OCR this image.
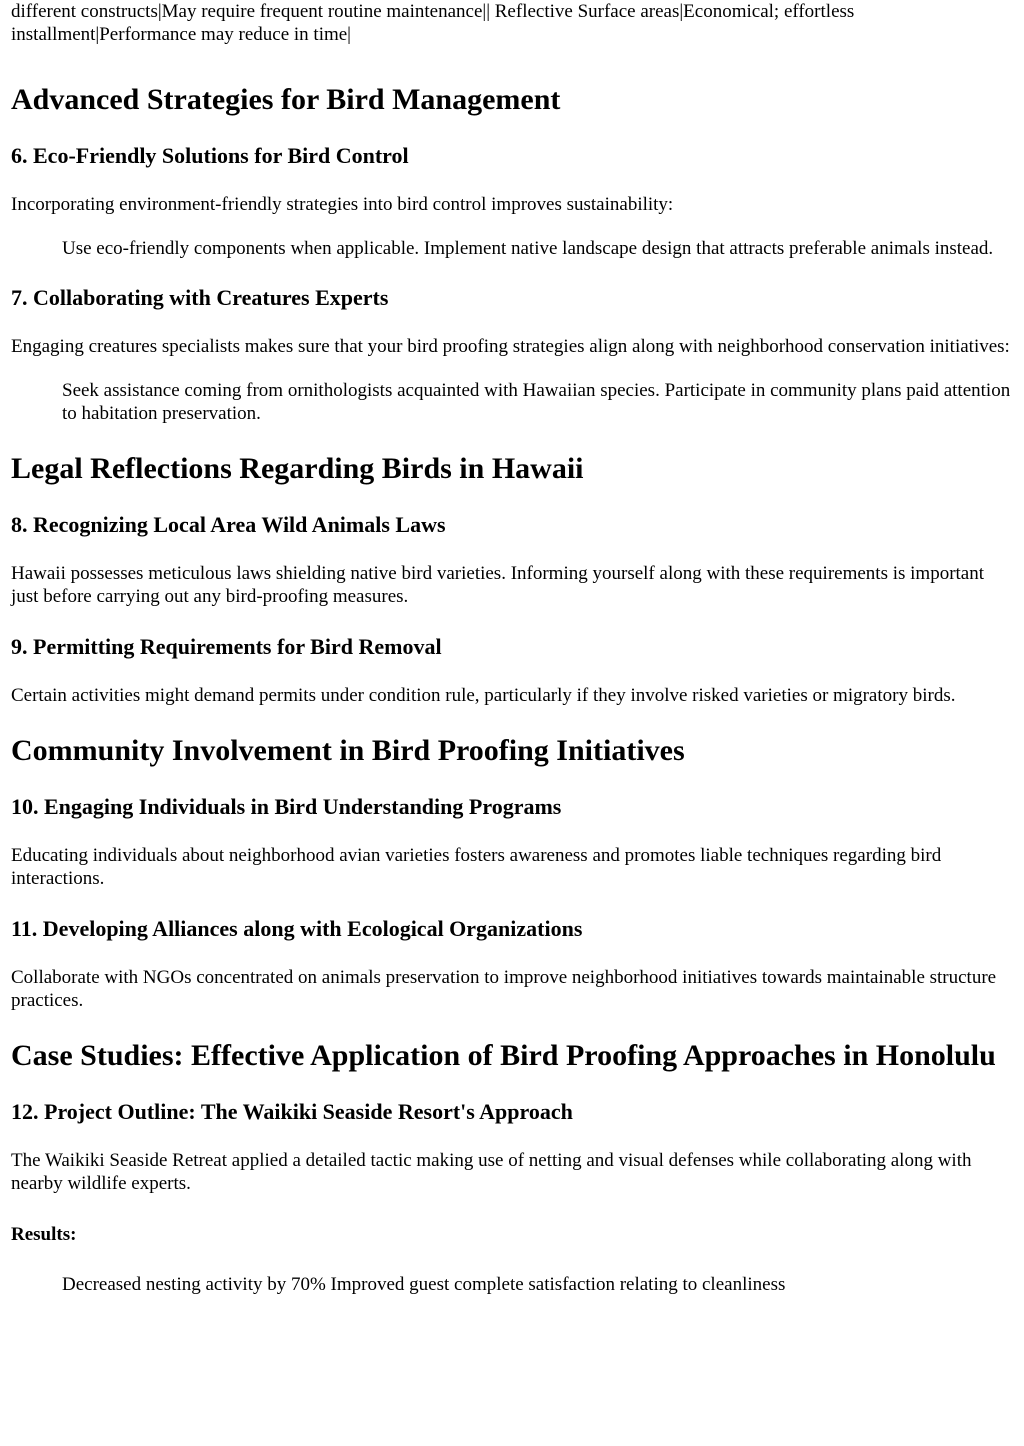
different constructs|May require frequent routine maintenance|| Reflective Surface areas|Economical; effortless installment|Performance may reduce in time|

Advanced Strategies for Bird Management
6. Eco-Friendly Solutions for Bird Control

Incorporating environment-friendly strategies into bird control improves sustainability:

Use eco-friendly components when applicable. Implement native landscape design that attracts preferable animals instead.
7. Collaborating with Creatures Experts

Engaging creatures specialists makes sure that your bird proofing strategies align along with neighborhood conservation initiatives:

Seek assistance coming from ornithologists acquainted with Hawaiian species. Participate in community plans paid attention to habitation preservation.
Legal Reflections Regarding Birds in Hawaii
8. Recognizing Local Area Wild Animals Laws

Hawaii possesses meticulous laws shielding native bird varieties. Informing yourself along with these requirements is important just before carrying out any bird-proofing measures.

9. Permitting Requirements for Bird Removal

Certain activities might demand permits under condition rule, particularly if they involve risked varieties or migratory birds.

Community Involvement in Bird Proofing Initiatives
10. Engaging Individuals in Bird Understanding Programs

Educating individuals about neighborhood avian varieties fosters awareness and promotes liable techniques regarding bird interactions.

11. Developing Alliances along with Ecological Organizations

Collaborate with NGOs concentrated on animals preservation to improve neighborhood initiatives towards maintainable structure practices.

Case Studies: Effective Application of Bird Proofing Approaches in Honolulu
12. Project Outline: The Waikiki Seaside Resort's Approach

The Waikiki Seaside Retreat applied a detailed tactic making use of netting and visual defenses while collaborating along with nearby wildlife experts.

Results:

Decreased nesting activity by 70% Improved guest complete satisfaction relating to cleanliness
